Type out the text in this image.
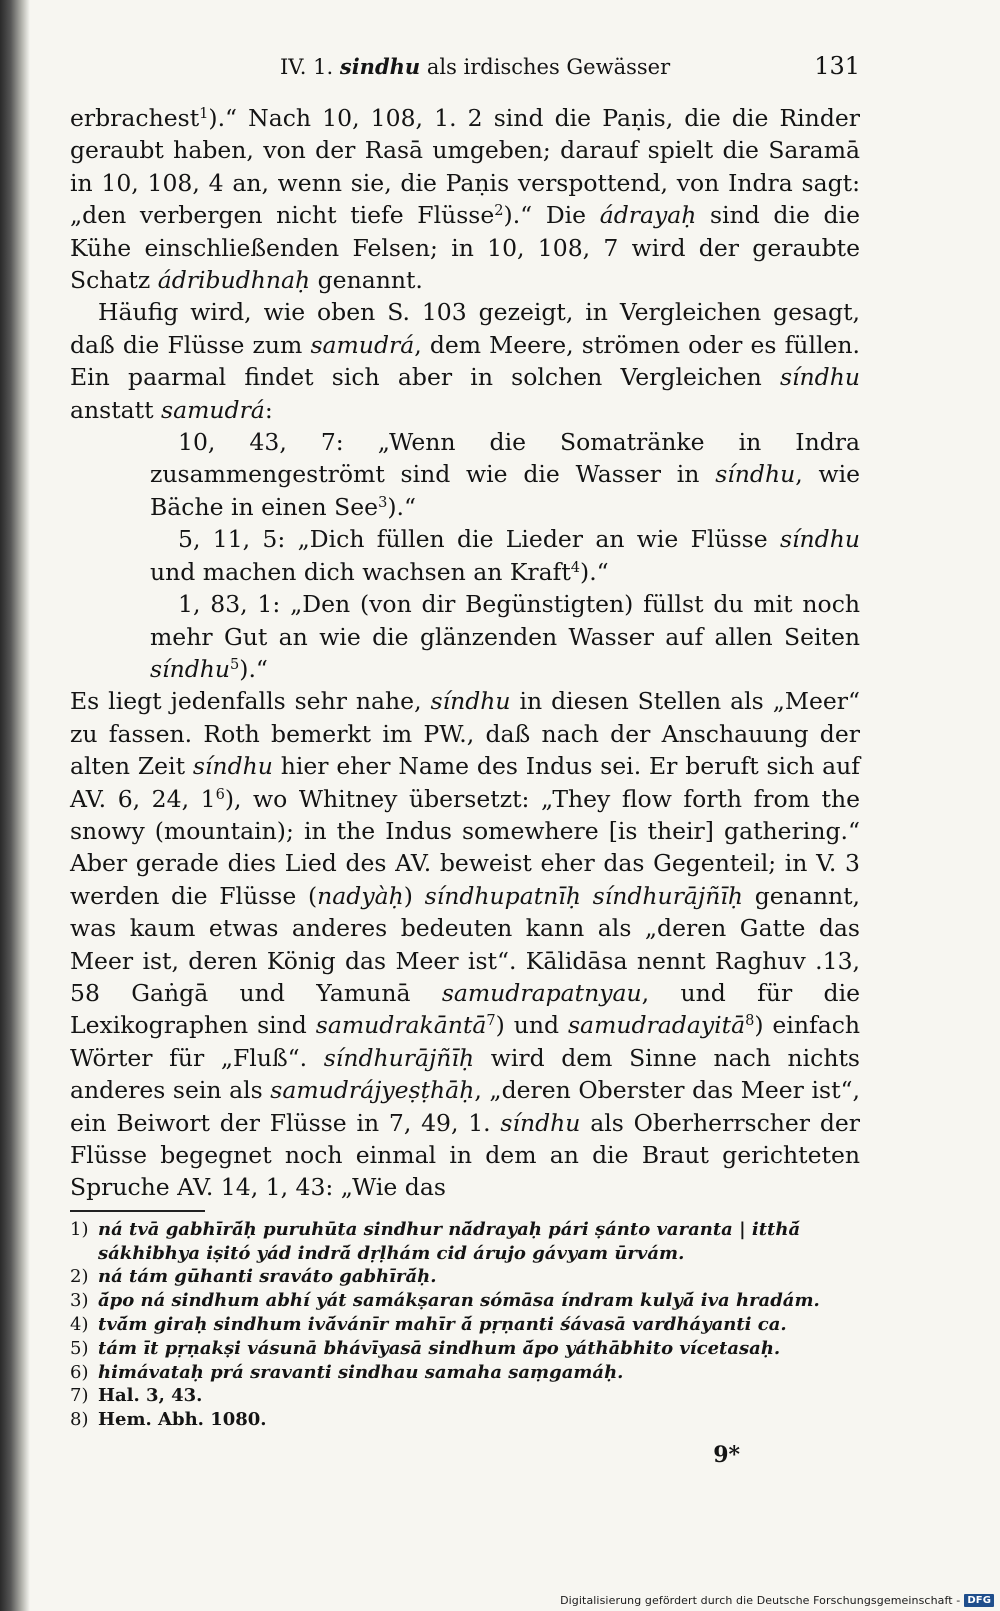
IV. 1. sindhu als irdisches Gewässer	131

erbrachest$^1$).“ Nach 10, 108, 1. 2 sind die Paṇis, die die Rinder geraubt haben, von der Rasā umgeben; darauf spielt die Saramā in 10, 108, 4 an, wenn sie, die Paṇis verspottend, von Indra sagt: „den verbergen nicht tiefe Flüsse$^2$).“ Die ádrayaḥ sind die die Kühe einschließenden Felsen; in 10, 108, 7 wird der geraubte Schatz ádribudhnaḥ genannt.

Häufig wird, wie oben S. 103 gezeigt, in Vergleichen gesagt, daß die Flüsse zum samudrá, dem Meere, strömen oder es füllen. Ein paarmal findet sich aber in solchen Vergleichen síndhu anstatt samudrá:

10, 43, 7: „Wenn die Somatränke in Indra zusammengeströmt sind wie die Wasser in síndhu, wie Bäche in einen See$^3$).“

5, 11, 5: „Dich füllen die Lieder an wie Flüsse síndhu und machen dich wachsen an Kraft$^4$).“

1, 83, 1: „Den (von dir Begünstigten) füllst du mit noch mehr Gut an wie die glänzenden Wasser auf allen Seiten síndhu$^5$).“

Es liegt jedenfalls sehr nahe, síndhu in diesen Stellen als „Meer“ zu fassen. Roth bemerkt im PW., daß nach der Anschauung der alten Zeit síndhu hier eher Name des Indus sei. Er beruft sich auf AV. 6, 24, $1^6$), wo Whitney übersetzt: „They flow forth from the snowy (mountain); in the Indus somewhere [is their] gathering.“ Aber gerade dies Lied des AV. beweist eher das Gegenteil; in V. 3 werden die Flüsse (nadyàḥ) síndhupatnīḥ síndhurājñīḥ genannt, was kaum etwas anderes bedeuten kann als „deren Gatte das Meer ist, deren König das Meer ist“. Kālidāsa nennt Raghuv .13, 58 Gaṅgā und Yamunā samudrapatnyau, und für die Lexikographen sind samudrakāntā$^7$) und samudradayitā$^8$) einfach Wörter für „Fluß“. síndhurājñīḥ wird dem Sinne nach nichts anderes sein als samudrájyeṣṭhāḥ, „deren Oberster das Meer ist“, ein Beiwort der Flüsse in 7, 49, 1. síndhu als Oberherrscher der Flüsse begegnet noch einmal in dem an die Braut gerichteten Spruche AV. 14, 1, 43: „Wie das

1) ná tvā gabhīrā́ḥ puruhūta sindhur nā́drayaḥ pári ṣánto varanta | itthā́ sákhibhya iṣitó yád indrā́ dṛḷhám cid árujo gávyam ūrvám.

2) ná tám gūhanti sraváto gabhīrā́ḥ.

3) ā́po ná sindhum abhí yát samákṣaran sómāsa índram kulyā́ iva hradám.

4) tvā́m giraḥ sindhum ivā́vánīr mahīr ā́ pṛṇanti śávasā vardháyanti ca.

5) tám īt pṛṇakṣi vásunā bhávīyasā sindhum ā́po yáthābhito vícetasaḥ.

6) himávataḥ prá sravanti sindhau samaha saṃgamáḥ.

7) Hal. 3, 43.

8) Hem. Abh. 1080.

9*
Digitalisierung gefördert durch die Deutsche Forschungsgemeinschaft - DFG
